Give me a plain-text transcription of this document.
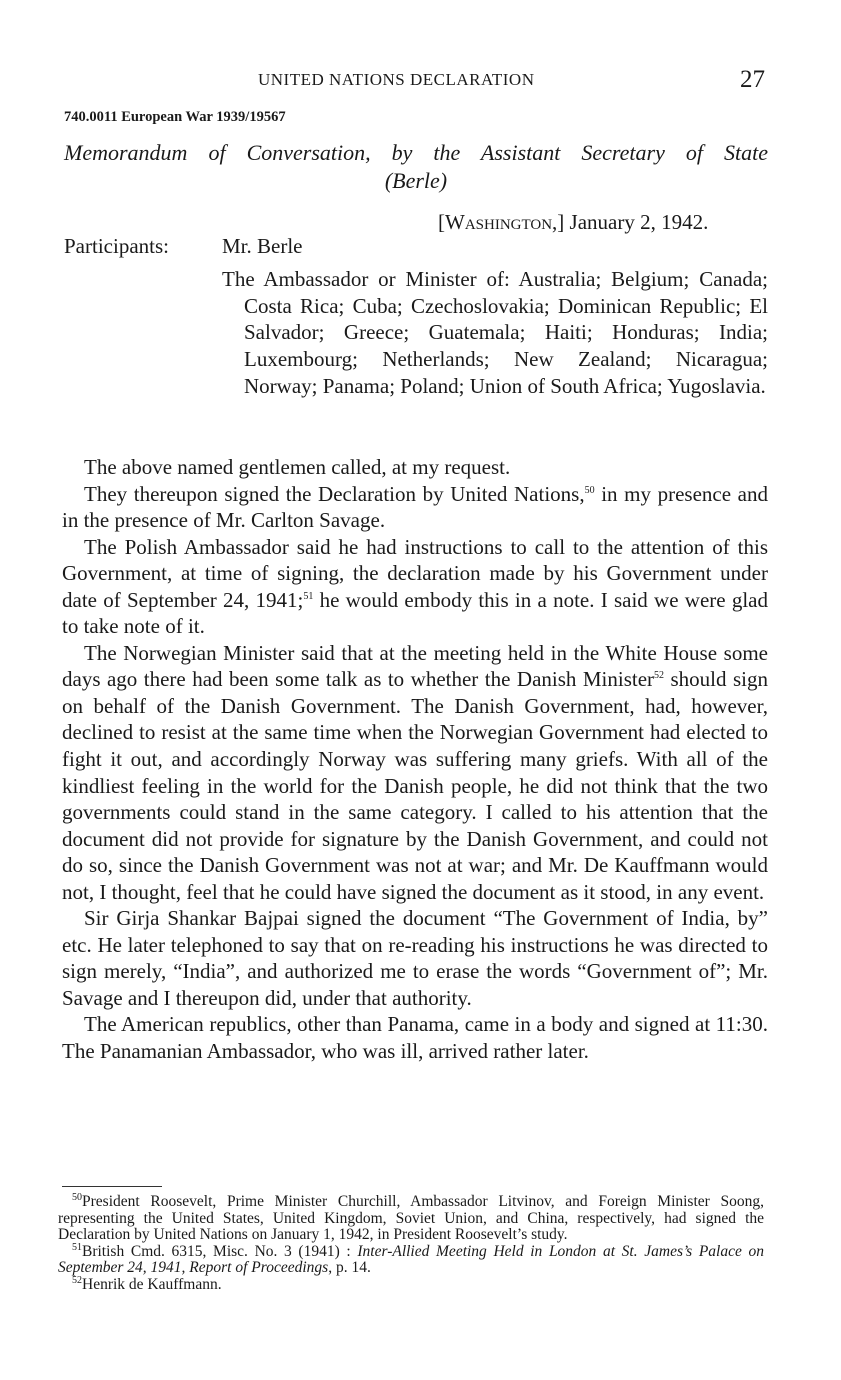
UNITED NATIONS DECLARATION	27
740.0011 European War 1939/19567
Memorandum of Conversation, by the Assistant Secretary of State
(Berle)
[Washington,] January 2, 1942.
Participants:	Mr. Berle
The Ambassador or Minister of: Australia; Belgium; Canada; Costa Rica; Cuba; Czechoslovakia; Dominican Republic; El Salvador; Greece; Guatemala; Haiti; Honduras; India; Luxembourg; Netherlands; New Zealand; Nicaragua; Norway; Panama; Poland; Union of South Africa; Yugoslavia.

The above named gentlemen called, at my request.

They thereupon signed the Declaration by United Nations,$^{50}$ in my presence and in the presence of Mr. Carlton Savage.

The Polish Ambassador said he had instructions to call to the attention of this Government, at time of signing, the declaration made by his Government under date of September 24, 1941;$^{51}$ he would embody this in a note. I said we were glad to take note of it.

The Norwegian Minister said that at the meeting held in the White House some days ago there had been some talk as to whether the Danish Minister$^{52}$ should sign on behalf of the Danish Government. The Danish Government, had, however, declined to resist at the same time when the Norwegian Government had elected to fight it out, and accordingly Norway was suffering many griefs. With all of the kindliest feeling in the world for the Danish people, he did not think that the two governments could stand in the same category. I called to his attention that the document did not provide for signature by the Danish Government, and could not do so, since the Danish Government was not at war; and Mr. De Kauffmann would not, I thought, feel that he could have signed the document as it stood, in any event.

Sir Girja Shankar Bajpai signed the document “The Government of India, by” etc. He later telephoned to say that on re-reading his instructions he was directed to sign merely, “India”, and authorized me to erase the words “Government of”; Mr. Savage and I thereupon did, under that authority.

The American republics, other than Panama, came in a body and signed at 11:30. The Panamanian Ambassador, who was ill, arrived rather later.

$^{50}$President Roosevelt, Prime Minister Churchill, Ambassador Litvinov, and Foreign Minister Soong, representing the United States, United Kingdom, Soviet Union, and China, respectively, had signed the Declaration by United Nations on January 1, 1942, in President Roosevelt’s study.

$^{51}$British Cmd. 6315, Misc. No. 3 (1941) : Inter-Allied Meeting Held in London at St. James’s Palace on September 24, 1941, Report of Proceedings, p. 14.

$^{52}$Henrik de Kauffmann.
